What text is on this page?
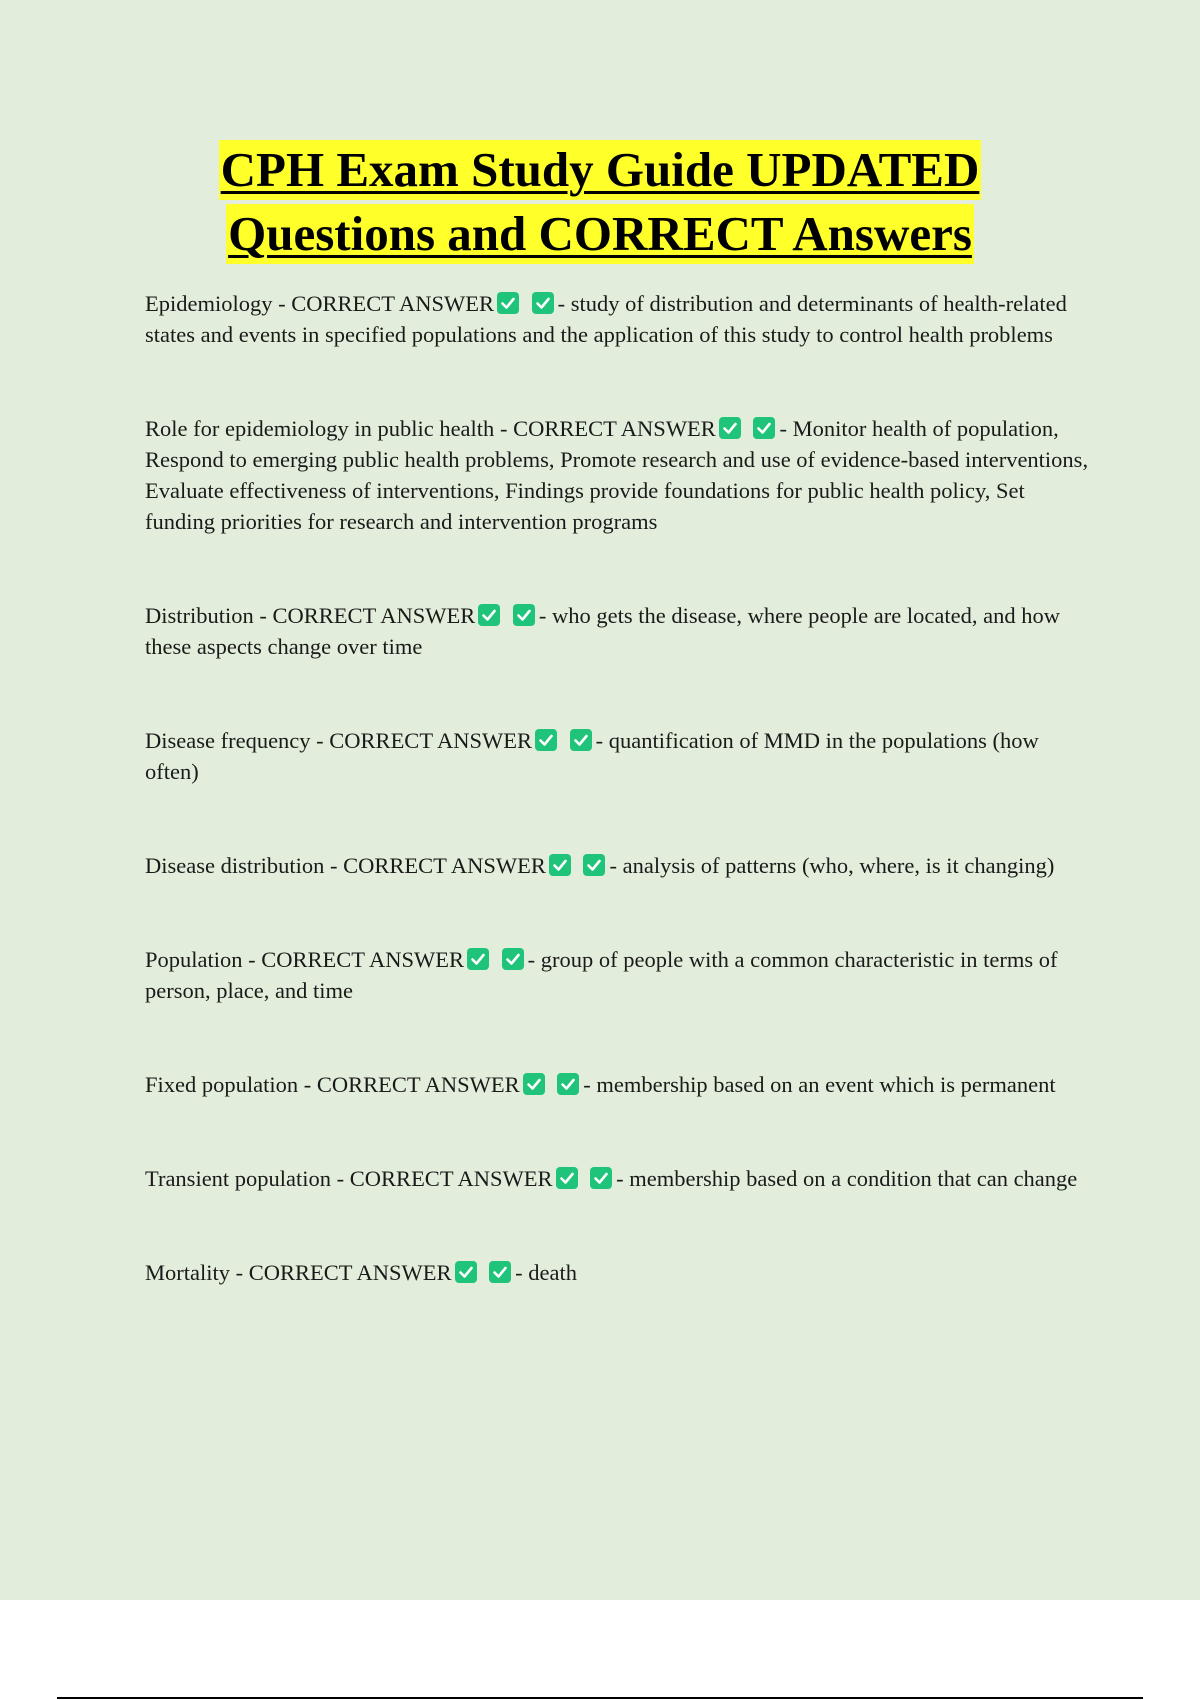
CPH Exam Study Guide UPDATED
Questions and CORRECT Answers

Epidemiology - CORRECT ANSWER
	- study of distribution and determinants of health-related states and events in specified populations and the application of this study to control health problems

Role for epidemiology in public health - CORRECT ANSWER
	- Monitor health of population, Respond to emerging public health problems, Promote research and use of evidence-based interventions, Evaluate effectiveness of interventions, Findings provide foundations for public health policy, Set funding priorities for research and intervention programs

Distribution - CORRECT ANSWER
	- who gets the disease, where people are located, and how these aspects change over time

Disease frequency - CORRECT ANSWER
	- quantification of MMD in the populations (how often)

Disease distribution - CORRECT ANSWER
	- analysis of patterns (who, where, is it changing)

Population - CORRECT ANSWER
	- group of people with a common characteristic in terms of person, place, and time

Fixed population - CORRECT ANSWER
	- membership based on an event which is permanent

Transient population - CORRECT ANSWER
	- membership based on a condition that can change

Mortality - CORRECT ANSWER
	- death
